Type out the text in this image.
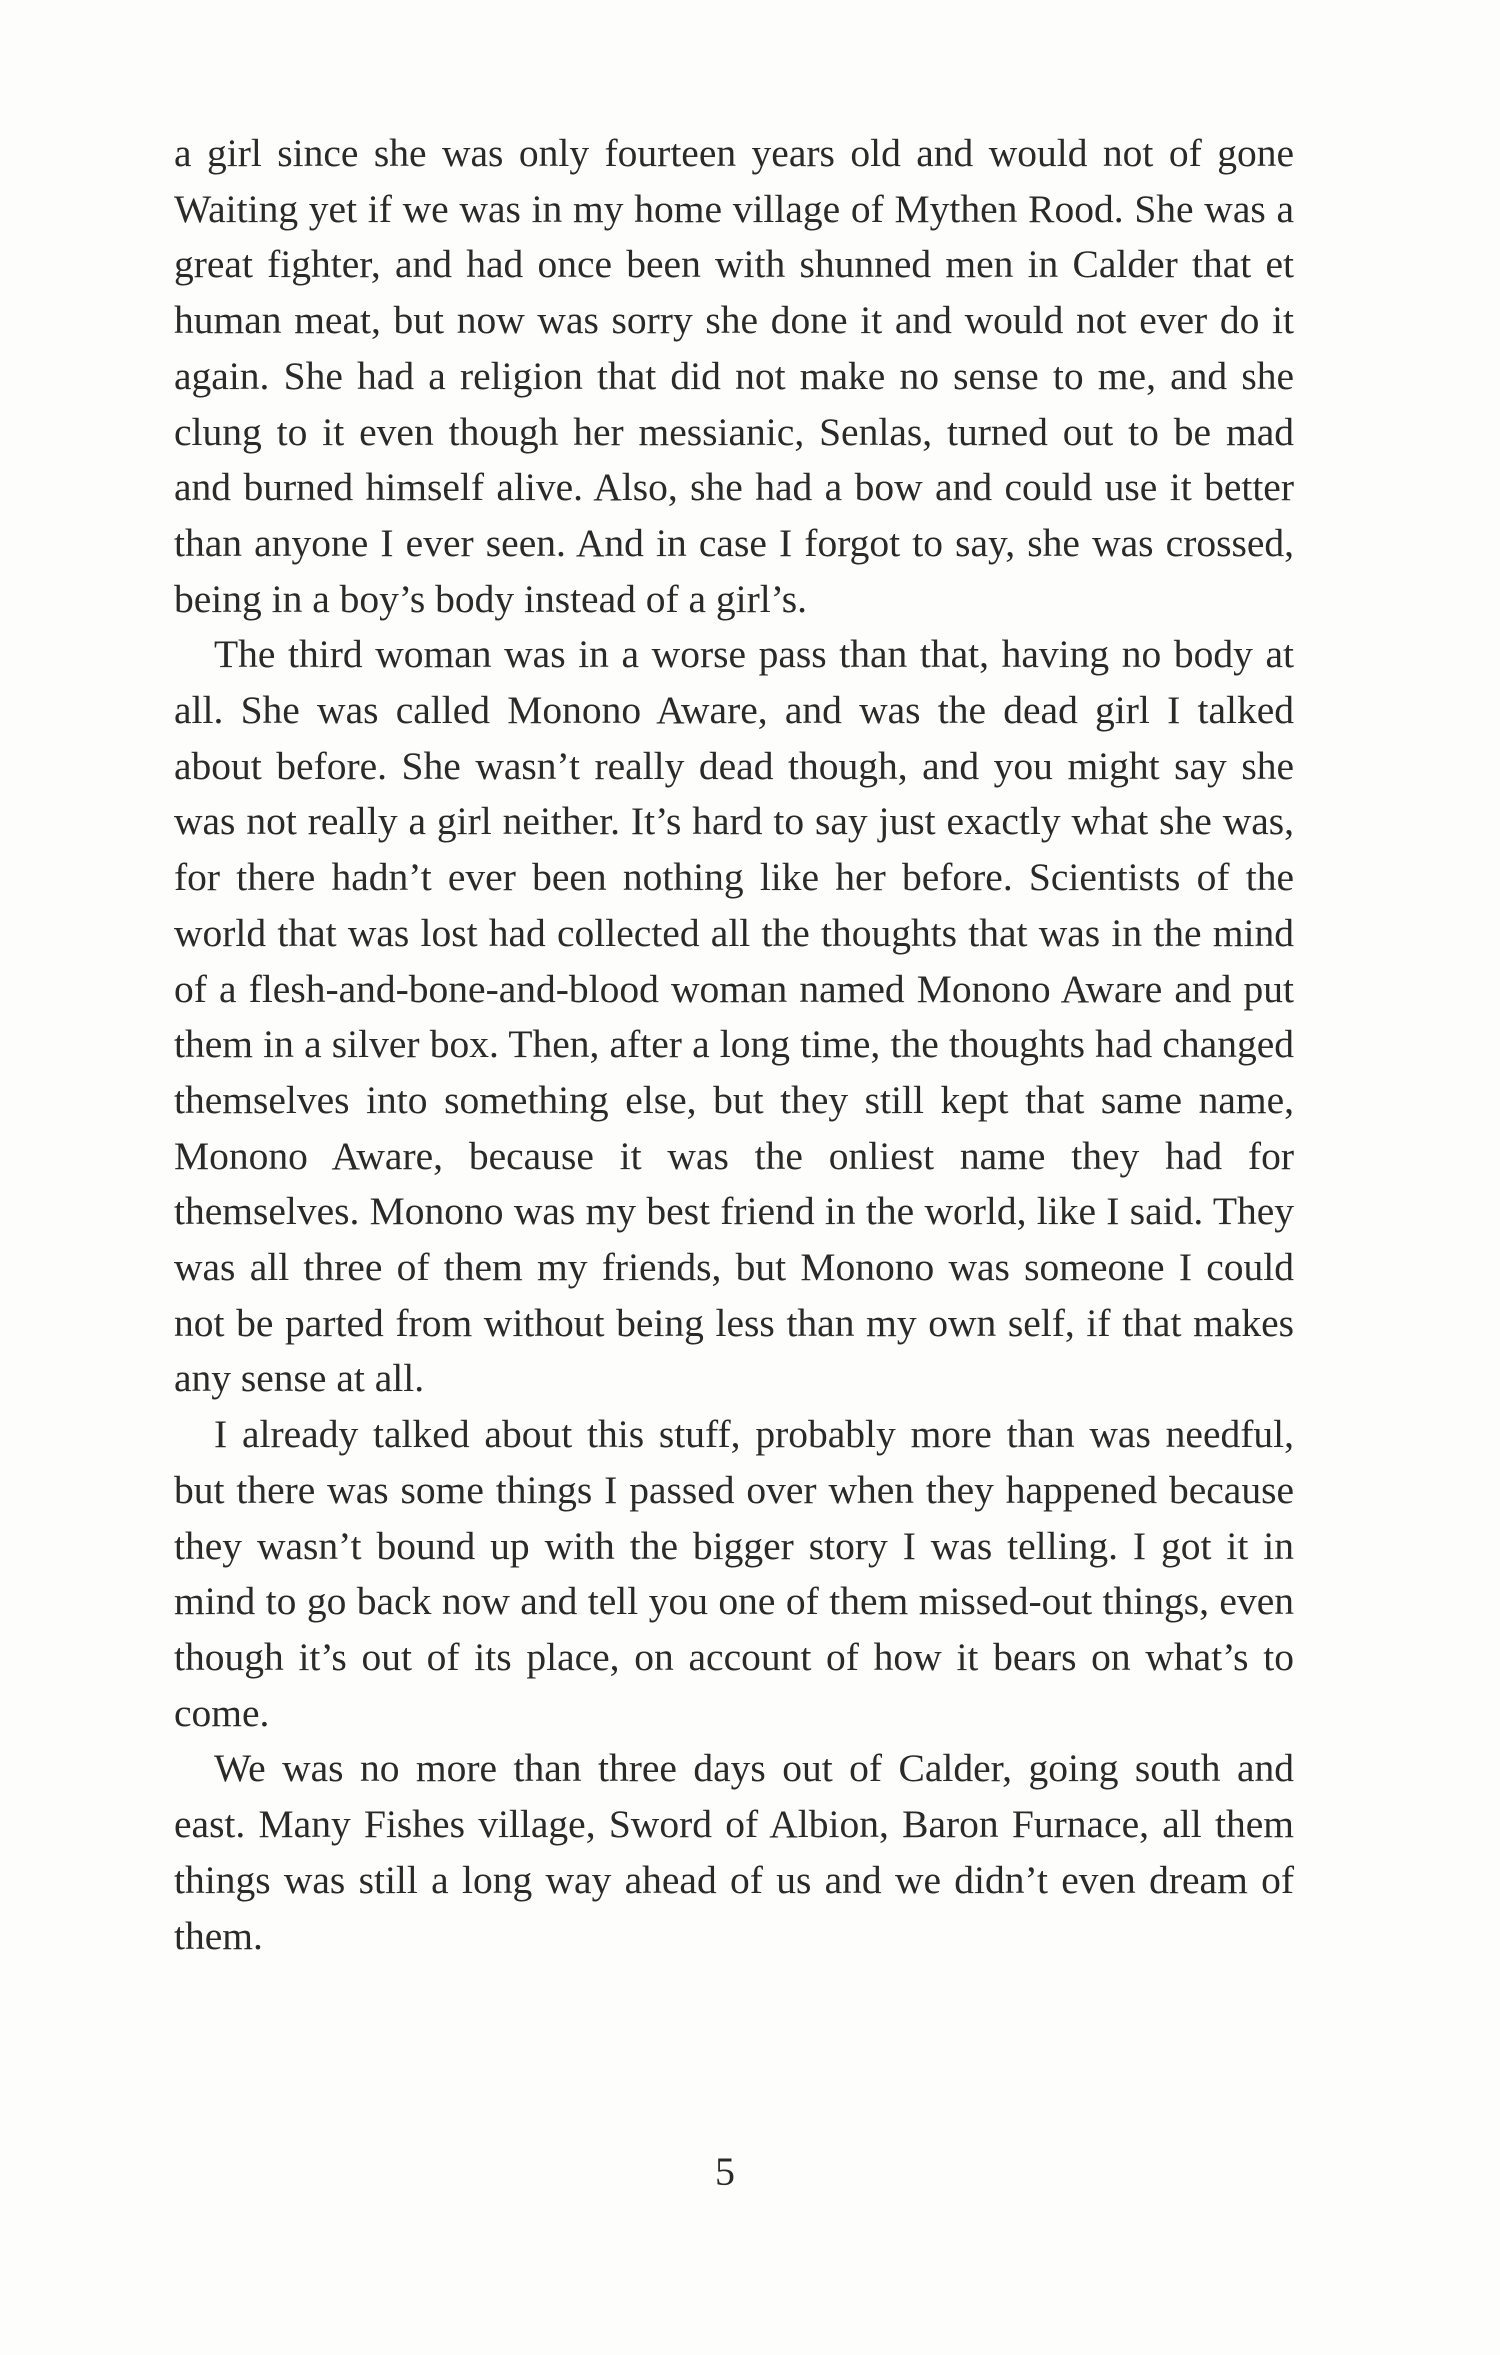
a girl since she was only fourteen years old and would not of gone Waiting yet if we was in my home village of Mythen Rood. She was a great fighter, and had once been with shunned men in Calder that et human meat, but now was sorry she done it and would not ever do it again. She had a religion that did not make no sense to me, and she clung to it even though her messianic, Senlas, turned out to be mad and burned himself alive. Also, she had a bow and could use it better than anyone I ever seen. And in case I forgot to say, she was crossed, being in a boy’s body instead of a girl’s.

The third woman was in a worse pass than that, having no body at all. She was called Monono Aware, and was the dead girl I talked about before. She wasn’t really dead though, and you might say she was not really a girl neither. It’s hard to say just exactly what she was, for there hadn’t ever been nothing like her before. Scientists of the world that was lost had collected all the thoughts that was in the mind of a flesh-and-bone-and-blood woman named Monono Aware and put them in a silver box. Then, after a long time, the thoughts had changed themselves into something else, but they still kept that same name, Monono Aware, because it was the onliest name they had for themselves. Monono was my best friend in the world, like I said. They was all three of them my friends, but Monono was someone I could not be parted from without being less than my own self, if that makes any sense at all.

I already talked about this stuff, probably more than was needful, but there was some things I passed over when they happened because they wasn’t bound up with the bigger story I was telling. I got it in mind to go back now and tell you one of them missed-out things, even though it’s out of its place, on account of how it bears on what’s to come.

We was no more than three days out of Calder, going south and east. Many Fishes village, Sword of Albion, Baron Furnace, all them things was still a long way ahead of us and we didn’t even dream of them.

5
